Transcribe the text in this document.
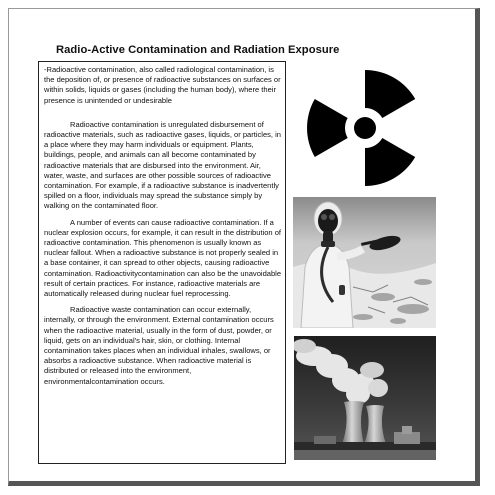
Radio-Active Contamination and Radiation Exposure

-Radioactive contamination, also called radiological contamination, is the deposition of, or presence of radioactive substances on surfaces or within solids, liquids or gases (including the human body), where their presence is unintended or undesirable

Radioactive contamination is unregulated disbursement of radioactive materials, such as radioactive gases, liquids, or particles, in a place where they may harm individuals or equipment. Plants, buildings, people, and animals can all become contaminated by radioactive materials that are disbursed into the environment. Air, water, waste, and surfaces are other possible sources of radioactive contamination. For example, if a radioactive substance is inadvertently spilled on a floor, individuals may spread the substance simply by walking on the contaminated floor.

A number of events can cause radioactive contamination. If a nuclear explosion occurs, for example, it can result in the distribution of radioactive contamination. This phenomenon is usually known as nuclear fallout. When a radioactive substance is not properly sealed in a base container, it can spread to other objects, causing radioactive contamination. Radioactivitycontamination can also be the unavoidable result of certain practices. For instance, radioactive materials are automatically released during nuclear fuel reprocessing.

Radioactive waste contamination can occur externally, internally, or through the environment. External contamination occurs when the radioactive material, usually in the form of dust, powder, or liquid, gets on an individual's hair, skin, or clothing. Internal contamination takes places when an individual inhales, swallows, or absorbs a radioactive substance. When radioactive material is distributed or released into the environment, environmentalcontamination occurs.
